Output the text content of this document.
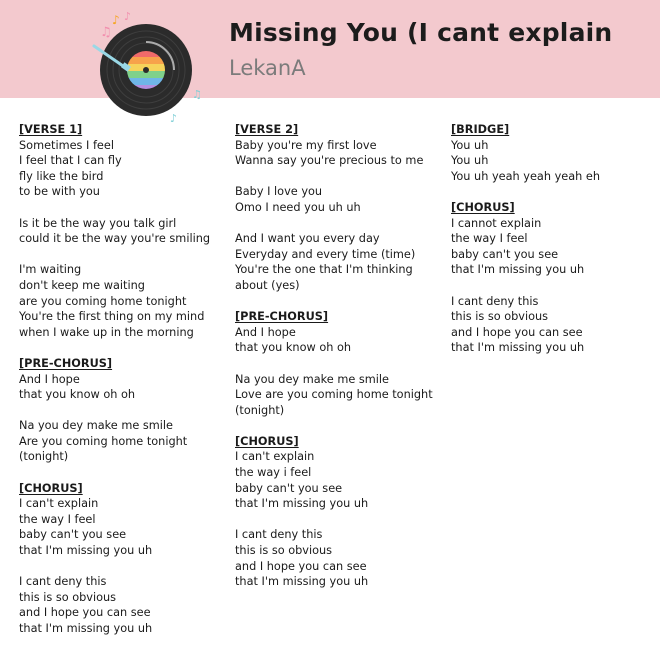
♫
♪ ♪
♫
♪
Missing You (I cant explain
LekanA
[VERSE 1]
Sometimes I feel
I feel that I can fly
fly like the bird
to be with you
Is it be the way you talk girl
could it be the way you're smiling
I'm waiting
don't keep me waiting
are you coming home tonight
You're the first thing on my mind
when I wake up in the morning
[PRE-CHORUS]
And I hope
that you know oh oh
Na you dey make me smile
Are you coming home tonight
(tonight)
[CHORUS]
I can't explain
the way I feel
baby can't you see
that I'm missing you uh
I cant deny this
this is so obvious
and I hope you can see
that I'm missing you uh
[VERSE 2]
Baby you're my first love
Wanna say you're precious to me
Baby I love you
Omo I need you uh uh
And I want you every day
Everyday and every time (time)
You're the one that I'm thinking
about (yes)
[PRE-CHORUS]
And I hope
that you know oh oh
Na you dey make me smile
Love are you coming home tonight
(tonight)
[CHORUS]
I can't explain
the way i feel
baby can't you see
that I'm missing you uh
I cant deny this
this is so obvious
and I hope you can see
that I'm missing you uh
[BRIDGE]
You uh
You uh
You uh yeah yeah yeah eh
[CHORUS]
I cannot explain
the way I feel
baby can't you see
that I'm missing you uh
I cant deny this
this is so obvious
and I hope you can see
that I'm missing you uh
